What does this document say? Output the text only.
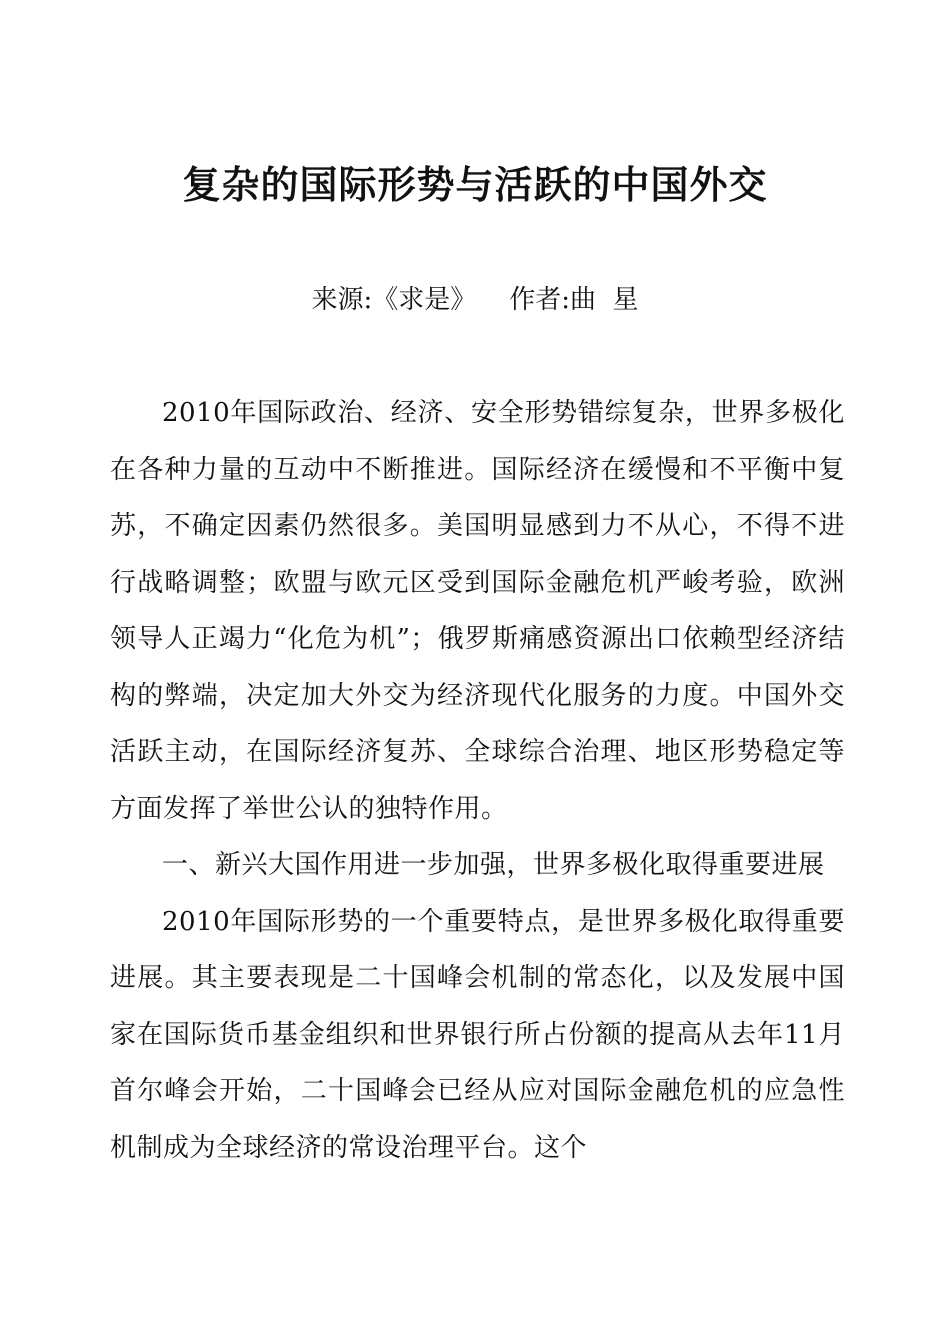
复杂的国际形势与活跃的中国外交
来源:《求是》    作者:曲  星

2010年国际政治、经济、安全形势错综复杂，世界多极化在各种力量的互动中不断推进。国际经济在缓慢和不平衡中复苏，不确定因素仍然很多。美国明显感到力不从心，不得不进行战略调整；欧盟与欧元区受到国际金融危机严峻考验，欧洲领导人正竭力“化危为机”；俄罗斯痛感资源出口依赖型经济结构的弊端，决定加大外交为经济现代化服务的力度。中国外交活跃主动，在国际经济复苏、全球综合治理、地区形势稳定等方面发挥了举世公认的独特作用。

一、新兴大国作用进一步加强，世界多极化取得重要进展

2010年国际形势的一个重要特点，是世界多极化取得重要进展。其主要表现是二十国峰会机制的常态化，以及发展中国家在国际货币基金组织和世界银行所占份额的提高从去年11月首尔峰会开始，二十国峰会已经从应对国际金融危机的应急性机制成为全球经济的常设治理平台。这个
